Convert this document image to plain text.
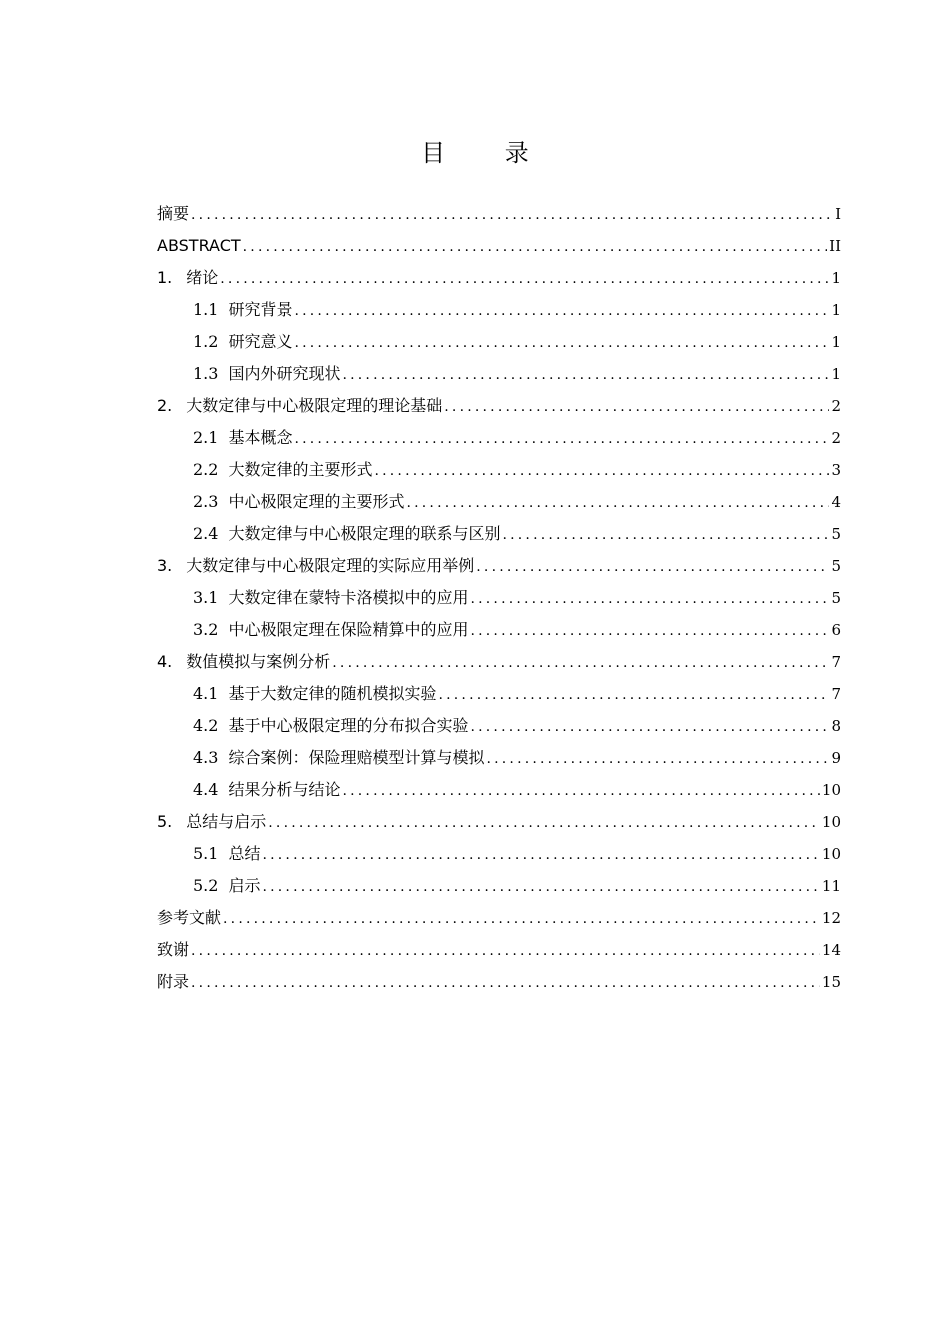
目 录
摘要 .....	I
ABSTRACT .....	II
1. 绪论 .....	1
1.1 研究背景 .....	1
1.2 研究意义 .....	1
1.3 国内外研究现状 .....	1
2. 大数定律与中心极限定理的理论基础 .....	2
2.1 基本概念 .....	2
2.2 大数定律的主要形式 .....	3
2.3 中心极限定理的主要形式 .....	4
2.4 大数定律与中心极限定理的联系与区别 .....	5
3. 大数定律与中心极限定理的实际应用举例 .....	5
3.1 大数定律在蒙特卡洛模拟中的应用 .....	5
3.2 中心极限定理在保险精算中的应用 .....	6
4. 数值模拟与案例分析 .....	7
4.1 基于大数定律的随机模拟实验 .....	7
4.2 基于中心极限定理的分布拟合实验 .....	8
4.3 综合案例：保险理赔模型计算与模拟 .....	9
4.4 结果分析与结论 .....	10
5. 总结与启示 .....	10
5.1 总结 .....	10
5.2 启示 .....	11
参考文献 .....	12
致谢 .....	14
附录 .....	15
